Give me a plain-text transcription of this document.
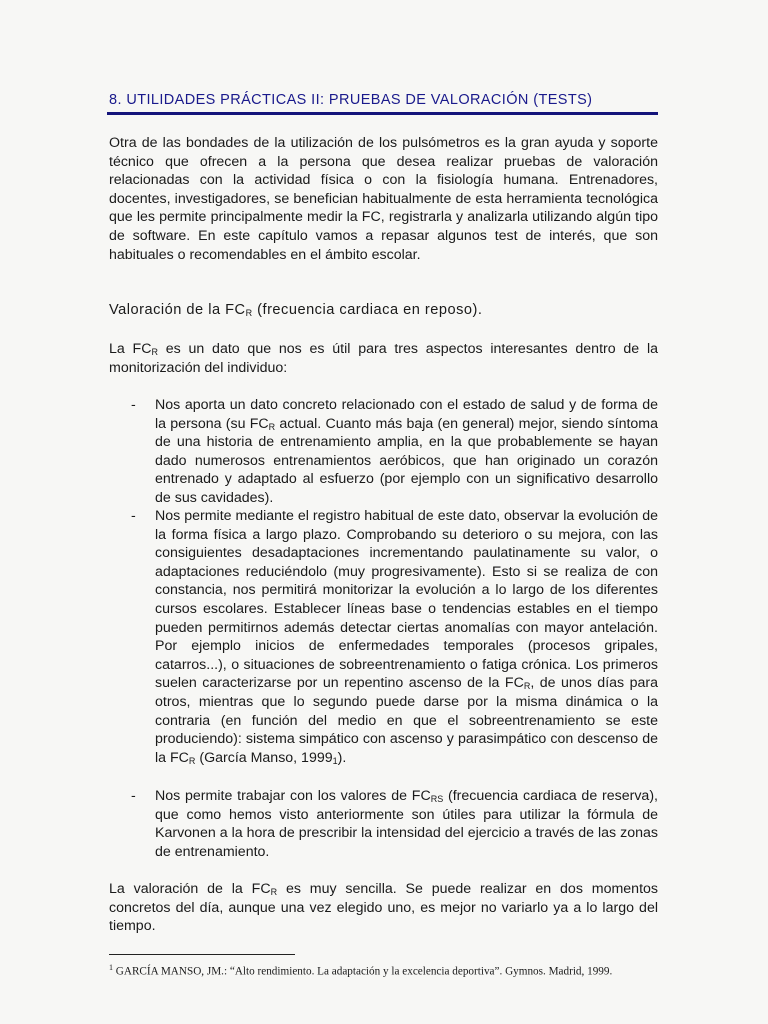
8. UTILIDADES PRÁCTICAS II: PRUEBAS DE VALORACIÓN (TESTS)

Otra de las bondades de la utilización de los pulsómetros es la gran ayuda y soporte técnico que ofrecen a la persona que desea realizar pruebas de valoración relacionadas con la actividad física o con la fisiología humana. Entrenadores, docentes, investigadores, se benefician habitualmente de esta herramienta tecnológica que les permite principalmente medir la FC, registrarla y analizarla utilizando algún tipo de software. En este capítulo vamos a repasar algunos test de interés, que son habituales o recomendables en el ámbito escolar.

Valoración de la $FC_R$ (frecuencia cardiaca en reposo).

La $FC_R$ es un dato que nos es útil para tres aspectos interesantes dentro de la monitorización del individuo:

- Nos aporta un dato concreto relacionado con el estado de salud y de forma de la persona (su $FC_R$ actual. Cuanto más baja (en general) mejor, siendo síntoma de una historia de entrenamiento amplia, en la que probablemente se hayan dado numerosos entrenamientos aeróbicos, que han originado un corazón entrenado y adaptado al esfuerzo (por ejemplo con un significativo desarrollo de sus cavidades).

- Nos permite mediante el registro habitual de este dato, observar la evolución de la forma física a largo plazo. Comprobando su deterioro o su mejora, con las consiguientes desadaptaciones incrementando paulatinamente su valor, o adaptaciones reduciéndolo (muy progresivamente). Esto si se realiza de con constancia, nos permitirá monitorizar la evolución a lo largo de los diferentes cursos escolares. Establecer líneas base o tendencias estables en el tiempo pueden permitirnos además detectar ciertas anomalías con mayor antelación. Por ejemplo inicios de enfermedades temporales (procesos gripales, catarros...), o situaciones de sobreentrenamiento o fatiga crónica. Los primeros suelen caracterizarse por un repentino ascenso de la $FC_R$, de unos días para otros, mientras que lo segundo puede darse por la misma dinámica o la contraria (en función del medio en que el sobreentrenamiento se este produciendo): sistema simpático con ascenso y parasimpático con descenso de la $FC_R$ (García Manso, $1999_1$).

- Nos permite trabajar con los valores de $FC_{RS}$ (frecuencia cardiaca de reserva), que como hemos visto anteriormente son útiles para utilizar la fórmula de Karvonen a la hora de prescribir la intensidad del ejercicio a través de las zonas de entrenamiento.

La valoración de la $FC_R$ es muy sencilla. Se puede realizar en dos momentos concretos del día, aunque una vez elegido uno, es mejor no variarlo ya a lo largo del tiempo.

$^1$ GARCÍA MANSO, JM.: “Alto rendimiento. La adaptación y la excelencia deportiva”. Gymnos. Madrid, 1999.
